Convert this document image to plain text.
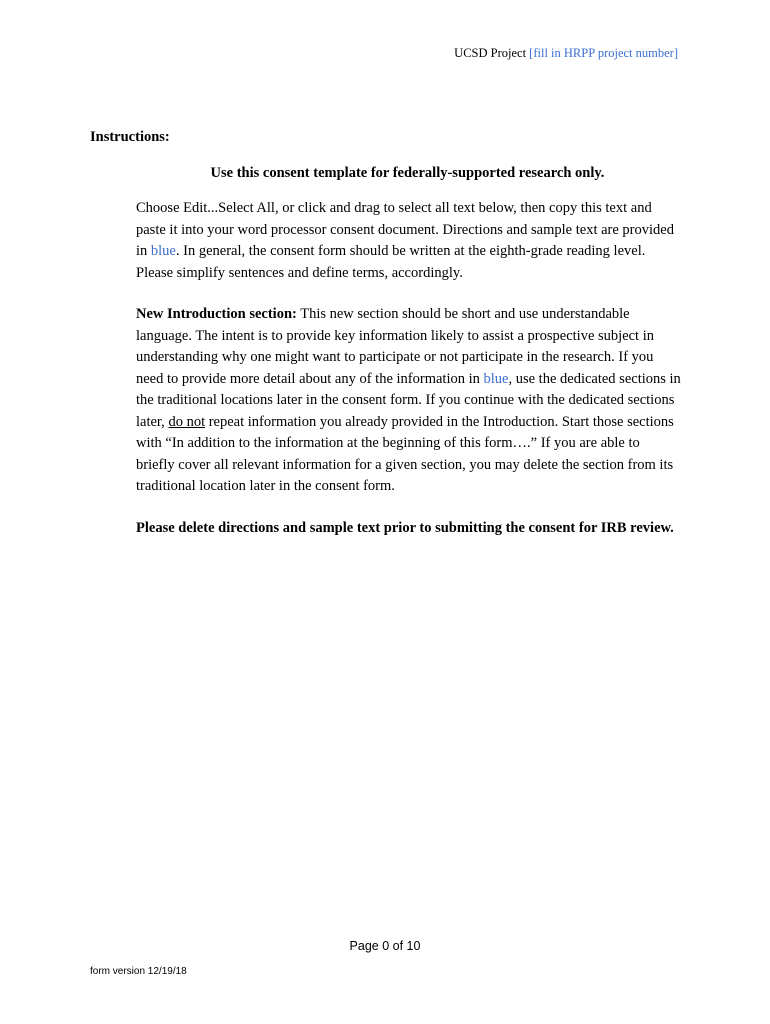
UCSD Project [fill in HRPP project number]
Instructions:
Use this consent template for federally-supported research only.
Choose Edit...Select All, or click and drag to select all text below, then copy this text and paste it into your word processor consent document. Directions and sample text are provided in blue. In general, the consent form should be written at the eighth-grade reading level. Please simplify sentences and define terms, accordingly.
New Introduction section: This new section should be short and use understandable language. The intent is to provide key information likely to assist a prospective subject in understanding why one might want to participate or not participate in the research. If you need to provide more detail about any of the information in blue, use the dedicated sections in the traditional locations later in the consent form. If you continue with the dedicated sections later, do not repeat information you already provided in the Introduction. Start those sections with “In addition to the information at the beginning of this form….” If you are able to briefly cover all relevant information for a given section, you may delete the section from its traditional location later in the consent form.
Please delete directions and sample text prior to submitting the consent for IRB review.
Page 0 of 10
form version 12/19/18
